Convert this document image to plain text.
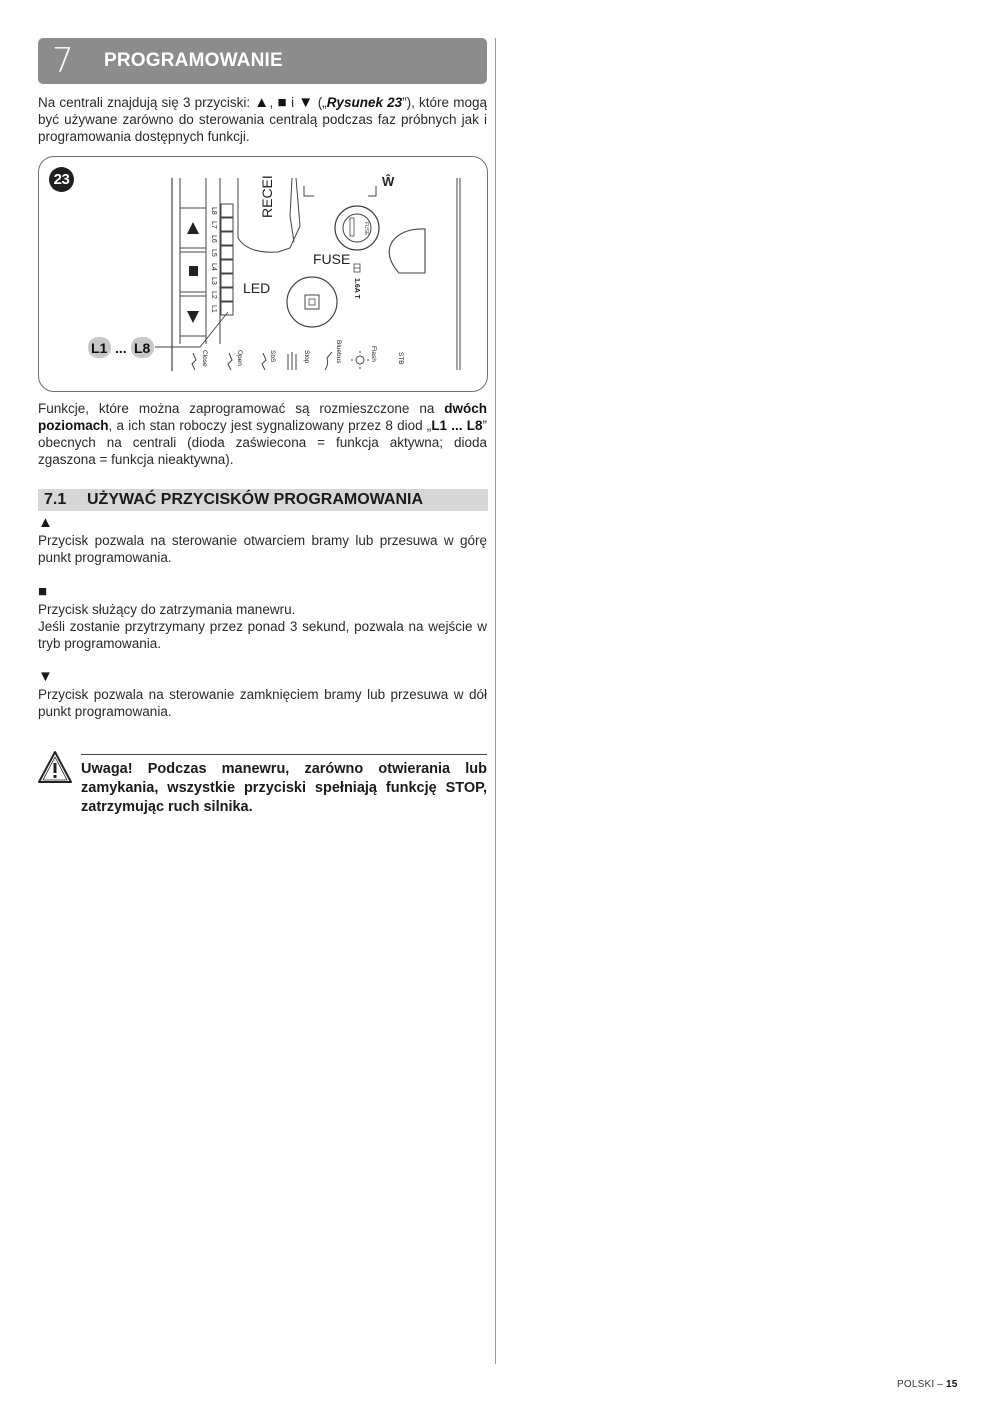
7 PROGRAMOWANIE

Na centrali znajdują się 3 przyciski: ▲, ■ i ▼ („Rysunek 23”), które mogą być używane zarówno do sterowania centralą podczas faz próbnych jak i programowania dostępnych funkcji.

L8
L7
L6
L5
L4
L3
L2
L1
RECEI	Ŵ
FUSE
FUSE
1.6A T
LED
L1 ... L8
Close	Open	SbS	Stop	Bluebus	Flash	STB
23

Funkcje, które można zaprogramować są rozmieszczone na dwóch poziomach, a ich stan roboczy jest sygnalizowany przez 8 diod „L1 ... L8” obecnych na centrali (dioda zaświecona = funkcja aktywna; dioda zgaszona = funkcja nieaktywna).

7.1 UŻYWAĆ PRZYCISKÓW PROGRAMOWANIA
▲

Przycisk pozwala na sterowanie otwarciem bramy lub przesuwa w górę punkt programowania.

■

Przycisk służący do zatrzymania manewru.

Jeśli zostanie przytrzymany przez ponad 3 sekund, pozwala na wejście w tryb programowania.

▼

Przycisk pozwala na sterowanie zamknięciem bramy lub przesuwa w dół punkt programowania.

Uwaga! Podczas manewru, zarówno otwierania lub zamykania, wszystkie przyciski spełniają funkcję STOP, zatrzymując ruch silnika.

POLSKI – 15
